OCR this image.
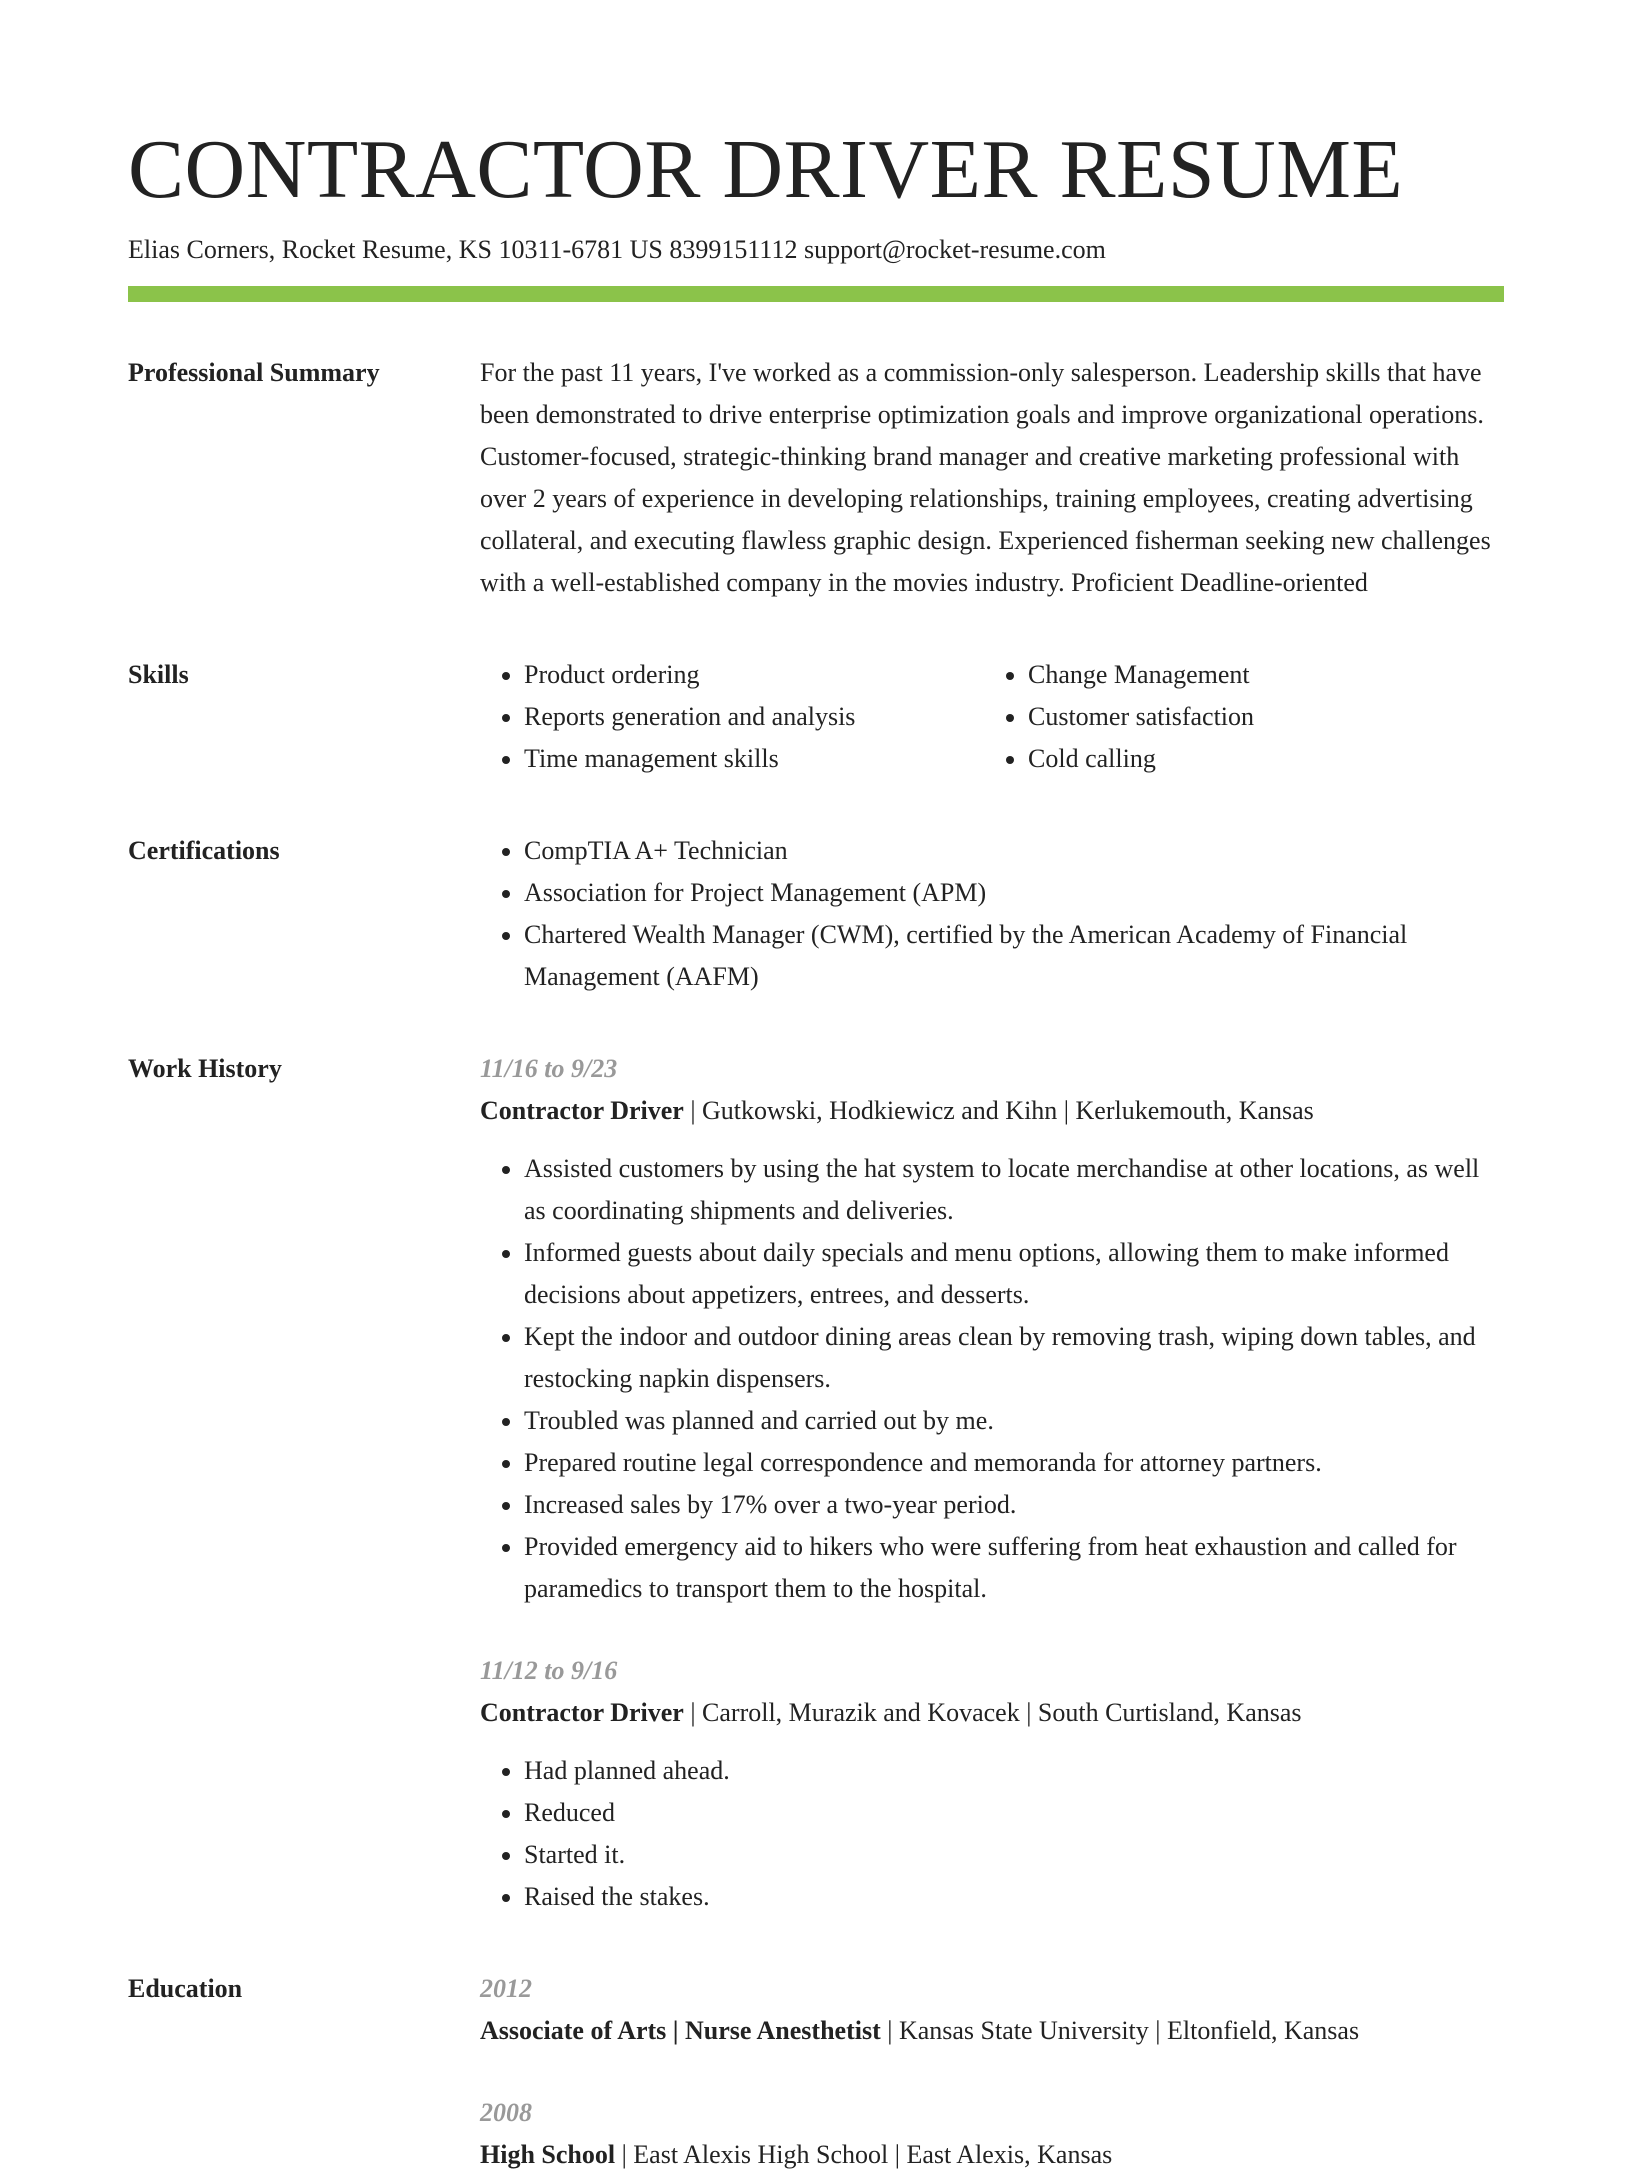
CONTRACTOR DRIVER RESUME
Elias Corners, Rocket Resume, KS 10311-6781 US 8399151112 support@rocket-resume.com
Professional Summary	For the past 11 years, I've worked as a commission-only salesperson. Leadership skills that have been demonstrated to drive enterprise optimization goals and improve organizational operations. Customer-focused, strategic-thinking brand manager and creative marketing professional with over 2 years of experience in developing relationships, training employees, creating advertising collateral, and executing flawless graphic design. Experienced fisherman seeking new challenges with a well-established company in the movies industry. Proficient Deadline-oriented

Skills	• Product ordering
• Reports generation and analysis
• Time management skills
• Change Management
• Customer satisfaction
• Cold calling
Certifications	• CompTIA A+ Technician
• Association for Project Management (APM)
• Chartered Wealth Manager (CWM), certified by the American Academy of Financial Management (AAFM)
Work History	11/16 to 9/23
Contractor Driver | Gutkowski, Hodkiewicz and Kihn | Kerlukemouth, Kansas
• Assisted customers by using the hat system to locate merchandise at other locations, as well as coordinating shipments and deliveries.
• Informed guests about daily specials and menu options, allowing them to make informed decisions about appetizers, entrees, and desserts.
• Kept the indoor and outdoor dining areas clean by removing trash, wiping down tables, and restocking napkin dispensers.
• Troubled was planned and carried out by me.
• Prepared routine legal correspondence and memoranda for attorney partners.
• Increased sales by 17% over a two-year period.
• Provided emergency aid to hikers who were suffering from heat exhaustion and called for paramedics to transport them to the hospital.
11/12 to 9/16
Contractor Driver | Carroll, Murazik and Kovacek | South Curtisland, Kansas
• Had planned ahead.
• Reduced
• Started it.
• Raised the stakes.
Education	2012
Associate of Arts | Nurse Anesthetist | Kansas State University | Eltonfield, Kansas
2008
High School | East Alexis High School | East Alexis, Kansas
